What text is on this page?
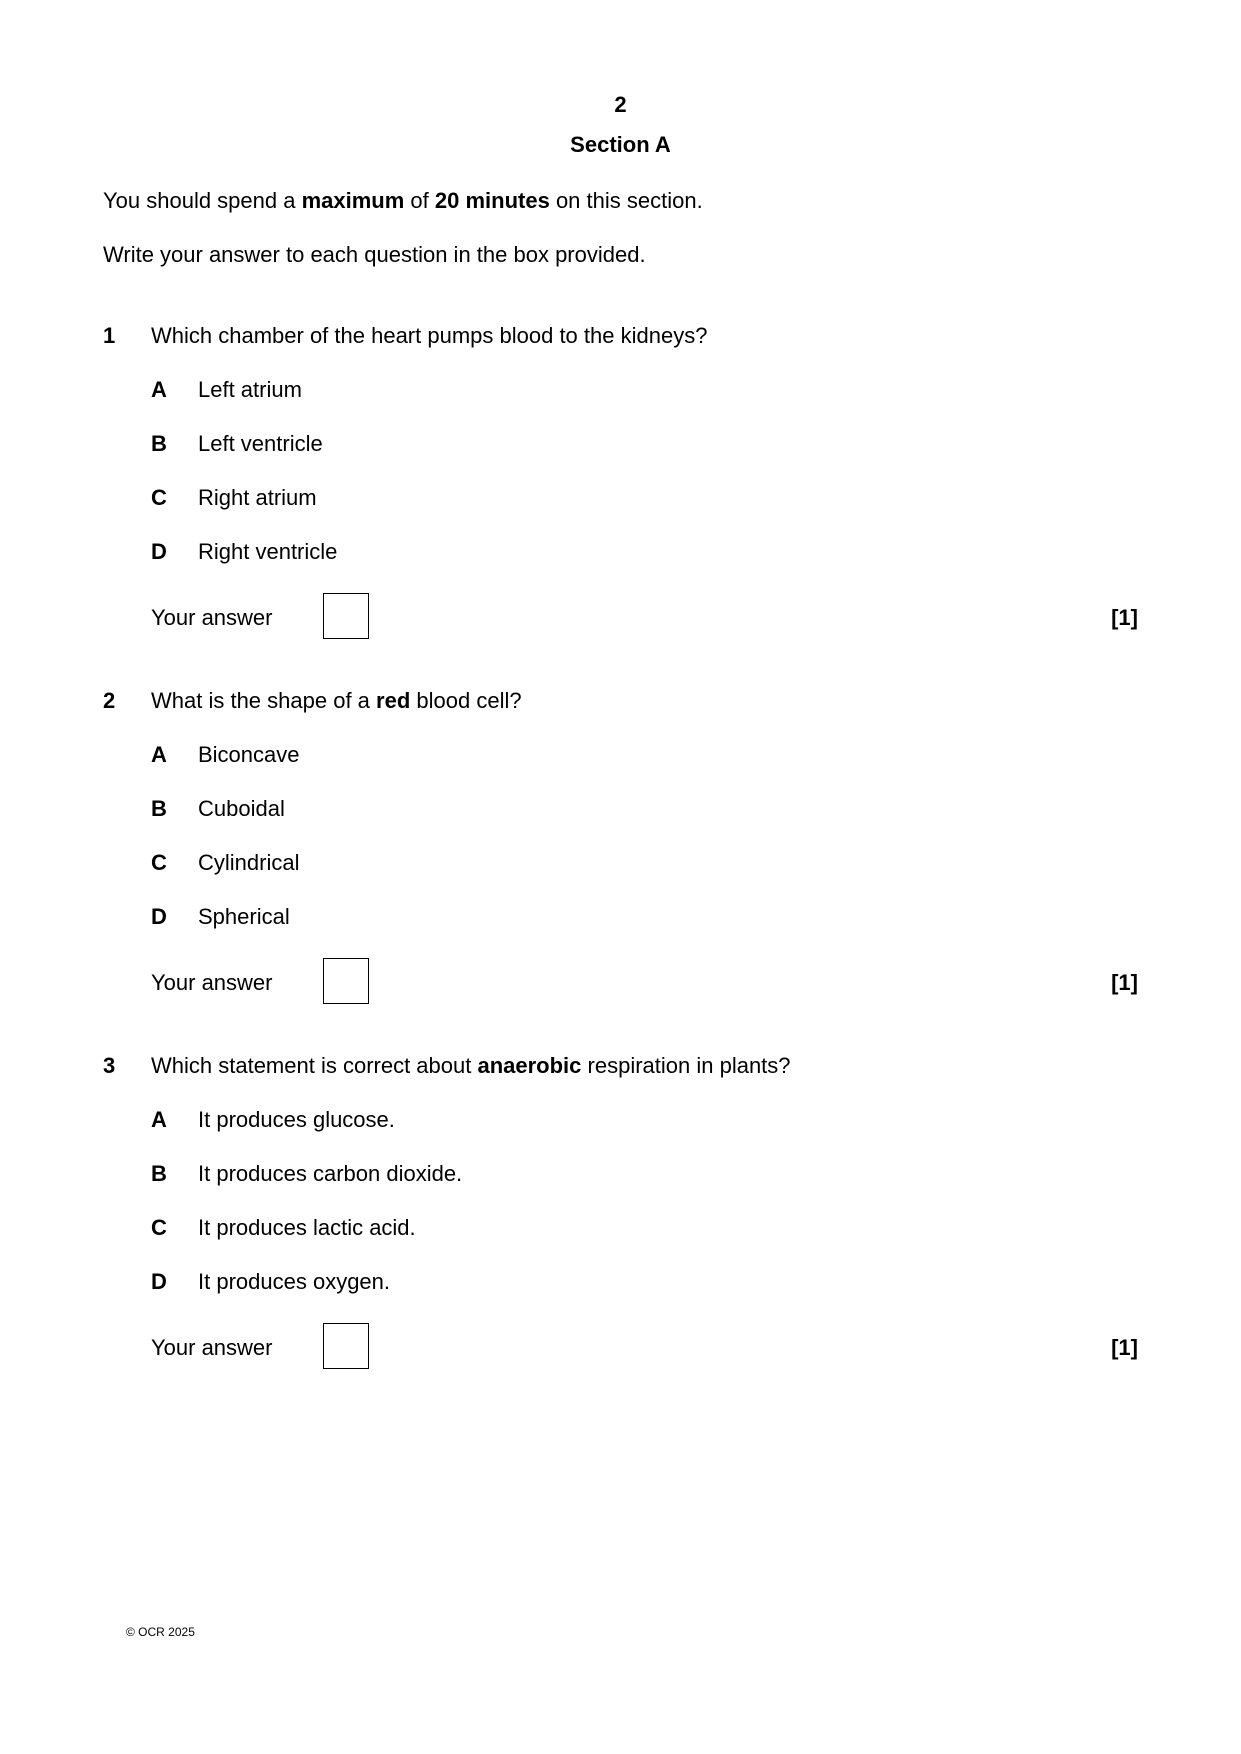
2
Section A
You should spend a maximum of 20 minutes on this section.
Write your answer to each question in the box provided.
1 Which chamber of the heart pumps blood to the kidneys?
A Left atrium
B Left ventricle
C Right atrium
D Right ventricle
Your answer	[1]
2 What is the shape of a red blood cell?
A Biconcave
B Cuboidal
C Cylindrical
D Spherical
Your answer	[1]
3 Which statement is correct about anaerobic respiration in plants?
A It produces glucose.
B It produces carbon dioxide.
C It produces lactic acid.
D It produces oxygen.
Your answer	[1]
© OCR 2025
